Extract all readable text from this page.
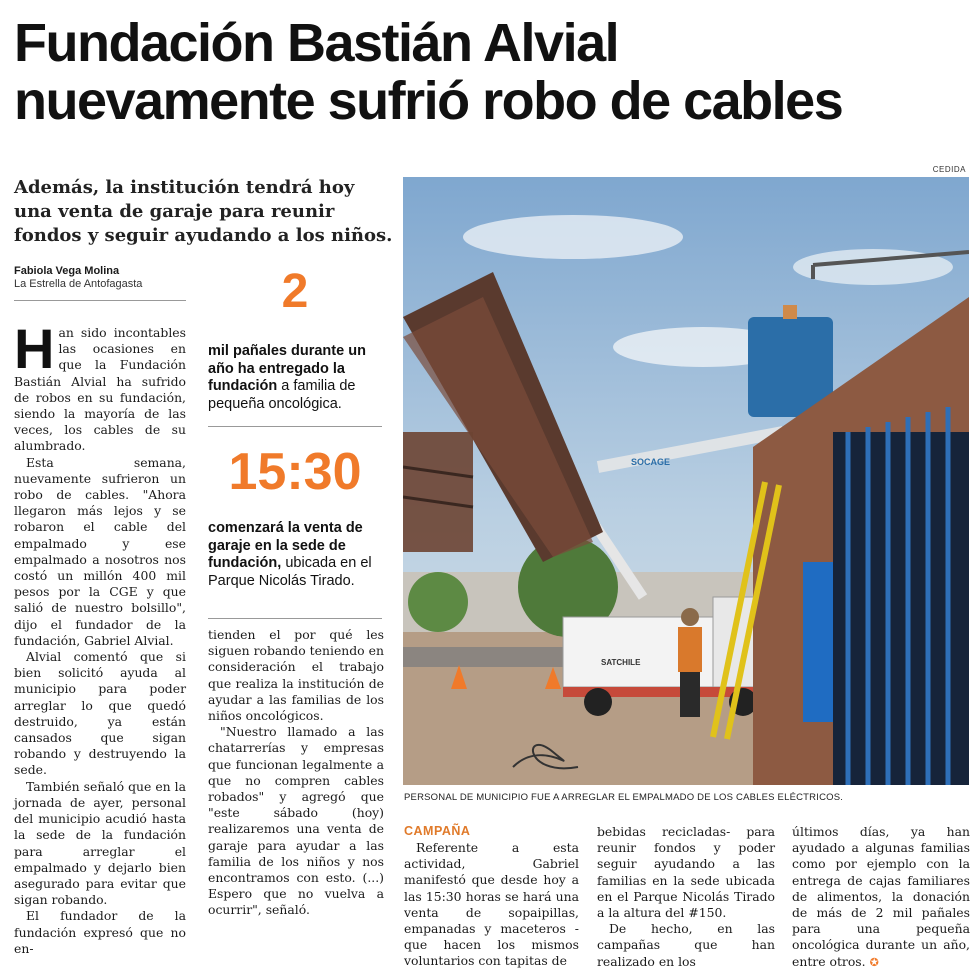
Fundación Bastián Alvial
nuevamente sufrió robo de cables
CEDIDA

Además, la institución tendrá hoy una venta de garaje para reunir fondos y seguir ayudando a los niños.

Fabiola Vega Molina
La Estrella de Antofagasta

Han sido incontables las ocasiones en que la Fundación Bastián Alvial ha sufrido de robos en su fundación, siendo la mayoría de las veces, los cables de su alumbrado.

Esta semana, nuevamente sufrieron un robo de cables. "Ahora llegaron más lejos y se robaron el cable del empalmado y ese empalmado a nosotros nos costó un millón 400 mil pesos por la CGE y que salió de nuestro bolsillo", dijo el fundador de la fundación, Gabriel Alvial.

Alvial comentó que si bien solicitó ayuda al municipio para poder arreglar lo que quedó destruido, ya están cansados que sigan robando y destruyendo la sede.

También señaló que en la jornada de ayer, personal del municipio acudió hasta la sede de la fundación para arreglar el empalmado y dejarlo bien asegurado para evitar que sigan robando.

El fundador de la fundación expresó que no en-

2
mil pañales durante un año ha entregado la fundación a familia de pequeña oncológica.
15:30
comenzará la venta de garaje en la sede de fundación, ubicada en el Parque Nicolás Tirado.

tienden el por qué les siguen robando teniendo en consideración el trabajo que realiza la institución de ayudar a las familias de los niños oncológicos.

"Nuestro llamado a las chatarrerías y empresas que funcionan legalmente a que no compren cables robados" y agregó que "este sábado (hoy) realizaremos una venta de garaje para ayudar a las familia de los niños y nos encontramos con esto. (...) Espero que no vuelva a ocurrir", señaló.

SOCAGE
SATCHILE
PERSONAL DE MUNICIPIO FUE A ARREGLAR EL EMPALMADO DE LOS CABLES ELÉCTRICOS.
CAMPAÑA

Referente a esta actividad, Gabriel manifestó que desde hoy a las 15:30 horas se hará una venta de sopaipillas, empanadas y maceteros -que hacen los mismos voluntarios con tapitas de

bebidas recicladas- para reunir fondos y poder seguir ayudando a las familias en la sede ubicada en el Parque Nicolás Tirado a la altura del #150.

De hecho, en las campañas que han realizado en los

últimos días, ya han ayudado a algunas familias como por ejemplo con la entrega de cajas familiares de alimentos, la donación de más de 2 mil pañales para una pequeña oncológica durante un año, entre otros. ✪
